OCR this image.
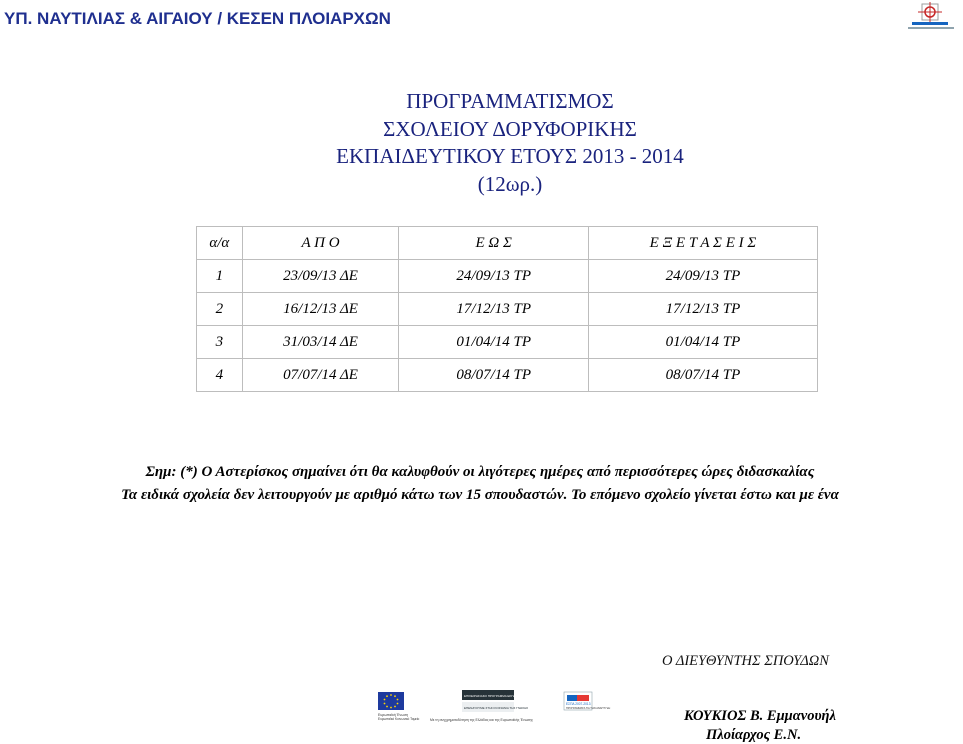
ΥΠ. ΝΑΥΤΙΛΙΑΣ & ΑΙΓΑΙΟΥ / ΚΕΣΕΝ ΠΛΟΙΑΡΧΩΝ
ΠΡΟΓΡΑΜΜΑΤΙΣΜΟΣ
ΣΧΟΛΕΙΟΥ ΔΟΡΥΦΟΡΙΚΗΣ
ΕΚΠΑΙΔΕΥΤΙΚΟΥ ΕΤΟΥΣ 2013 - 2014
(12ωρ.)
α/α	Α Π Ο	Ε Ω Σ	Ε Ξ Ε Τ Α Σ Ε Ι Σ
1	23/09/13 ΔΕ	24/09/13 ΤΡ	24/09/13 ΤΡ
2	16/12/13 ΔΕ	17/12/13 ΤΡ	17/12/13 ΤΡ
3	31/03/14 ΔΕ	01/04/14 ΤΡ	01/04/14 ΤΡ
4	07/07/14 ΔΕ	08/07/14 ΤΡ	08/07/14 ΤΡ
Σημ: (*) Ο Αστερίσκος σημαίνει ότι θα καλυφθούν οι λιγότερες ημέρες από περισσότερες ώρες διδασκαλίας
Τα ειδικά σχολεία δεν λειτουργούν με αριθμό κάτω των 15 σπουδαστών. Το επόμενο σχολείο γίνεται έστω και με ένα
Ο ΔΙΕΥΘΥΝΤΗΣ ΣΠΟΥΔΩΝ
Ευρωπαϊκή Ένωση
Ευρωπαϊκό Κοινωνικό Ταμείο
ΕΠΙΧΕΙΡΗΣΙΑΚΟ ΠΡΟΓΡΑΜΜΑ ΕΚΠΑΙΔΕΥΣΗ ΚΑΙ ΔΙΑ ΒΙΟΥ ΜΑΘΗΣΗ
ΕΠΕΝΔΥΟΥΜΕ ΣΤΗΝ ΚΟΙΝΩΝΙΑ ΤΗΣ ΓΝΩΣΗΣ
ΕΣΠΑ 2007-2013
ΠΡΟΓΡΑΜΜΑΤΑ ΓΙΑ ΤΗΝ ΑΝΑΠΤΥΞΗ
Με τη συγχρηματοδότηση της Ελλάδας και της Ευρωπαϊκής Ένωσης	ΚΟΥΚΙΟΣ Β. Εμμανουήλ
Πλοίαρχος Ε.Ν.
